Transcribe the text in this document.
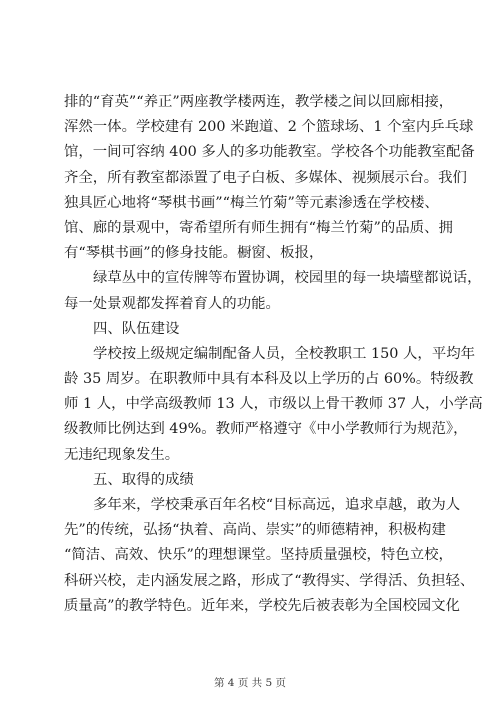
排的“育英”“养正”两座教学楼两连，教学楼之间以回廊相接，
浑然一体。学校建有 200 米跑道、2 个篮球场、1 个室内乒乓球
馆，一间可容纳 400 多人的多功能教室。学校各个功能教室配备
齐全，所有教室都添置了电子白板、多媒体、视频展示台。我们
独具匠心地将“琴棋书画”“梅兰竹菊”等元素渗透在学校楼、
馆、廊的景观中，寄希望所有师生拥有“梅兰竹菊”的品质、拥
有“琴棋书画”的修身技能。橱窗、板报，
绿草丛中的宣传牌等布置协调，校园里的每一块墙壁都说话，
每一处景观都发挥着育人的功能。
四、队伍建设
学校按上级规定编制配备人员，全校教职工 150 人，平均年
龄 35 周岁。在职教师中具有本科及以上学历的占 60%。特级教
师 1 人，中学高级教师 13 人，市级以上骨干教师 37 人，小学高
级教师比例达到 49%。教师严格遵守《中小学教师行为规范》，
无违纪现象发生。
五、取得的成绩
多年来，学校秉承百年名校“目标高远，追求卓越，敢为人
先”的传统，弘扬“执着、高尚、崇实”的师德精神，积极构建
“简洁、高效、快乐”的理想课堂。坚持质量强校，特色立校，
科研兴校，走内涵发展之路，形成了“教得实、学得活、负担轻、
质量高”的教学特色。近年来，学校先后被表彰为全国校园文化
第 4 页 共 5 页
